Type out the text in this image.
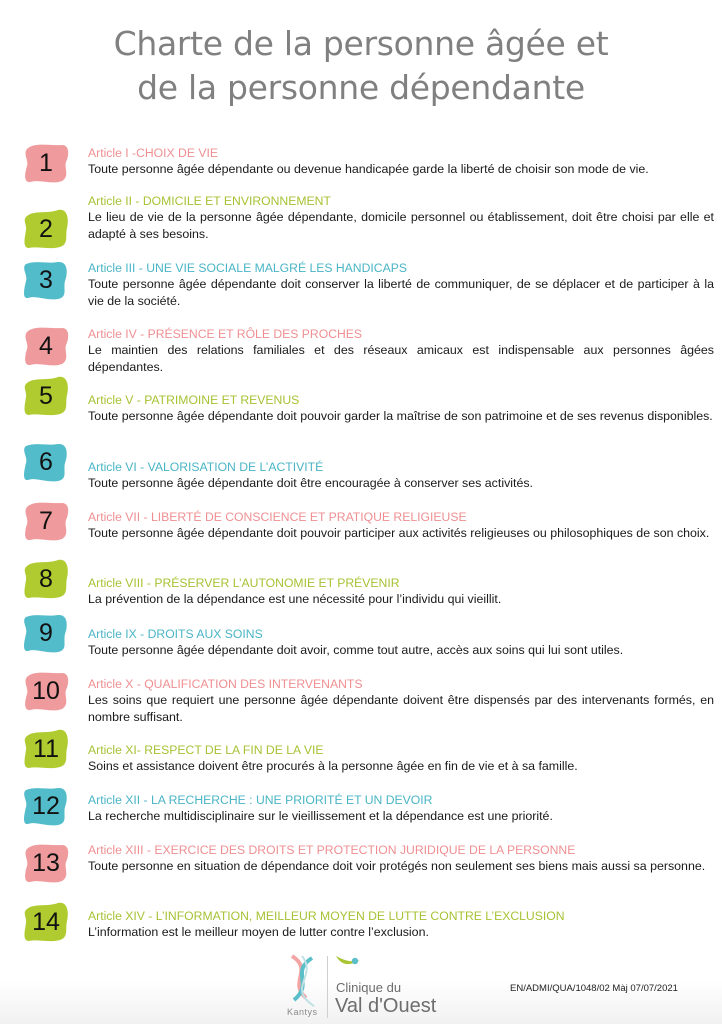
Charte de la personne âgée et
de la personne dépendante
1	Article I -CHOIX DE VIE
Toute personne âgée dépendante ou devenue handicapée garde la liberté de choisir son mode de vie.
2
Article II - DOMICILE ET ENVIRONNEMENT
Le lieu de vie de la personne âgée dépendante, domicile personnel ou établissement, doit être choisi par elle et adapté à ses besoins.
3	Article III - UNE VIE SOCIALE MALGRÉ LES HANDICAPS
Toute personne âgée dépendante doit conserver la liberté de communiquer, de se déplacer et de participer à la vie de la société.
4	Article IV - PRÉSENCE ET RÔLE DES PROCHES
Le maintien des relations familiales et des réseaux amicaux est indispensable aux personnes âgées dépendantes.
5	Article V - PATRIMOINE ET REVENUS
Toute personne âgée dépendante doit pouvoir garder la maîtrise de son patrimoine et de ses revenus disponibles.
6	Article VI - VALORISATION DE L’ACTIVITÉ
Toute personne âgée dépendante doit être encouragée à conserver ses activités.
7	Article VII - LIBERTÉ DE CONSCIENCE ET PRATIQUE RELIGIEUSE
Toute personne âgée dépendante doit pouvoir participer aux activités religieuses ou philosophiques de son choix.
8	Article VIII - PRÉSERVER L’AUTONOMIE ET PRÉVENIR
La prévention de la dépendance est une nécessité pour l’individu qui vieillit.
9	Article IX - DROITS AUX SOINS
Toute personne âgée dépendante doit avoir, comme tout autre, accès aux soins qui lui sont utiles.
10 Article X - QUALIFICATION DES INTERVENANTS
Les soins que requiert une personne âgée dépendante doivent être dispensés par des intervenants formés, en nombre suffisant.
11 Article XI- RESPECT DE LA FIN DE LA VIE
Soins et assistance doivent être procurés à la personne âgée en fin de vie et à sa famille.
12 Article XII - LA RECHERCHE : UNE PRIORITÉ ET UN DEVOIR
La recherche multidisciplinaire sur le vieillissement et la dépendance est une priorité.
13 Article XIII - EXERCICE DES DROITS ET PROTECTION JURIDIQUE DE LA PERSONNE
Toute personne en situation de dépendance doit voir protégés non seulement ses biens mais aussi sa personne.
14 Article XIV - L’INFORMATION, MEILLEUR MOYEN DE LUTTE CONTRE L’EXCLUSION
L’information est le meilleur moyen de lutter contre l’exclusion.
Kantys
Clinique du
Val d'Ouest
EN/ADMI/QUA/1048/02 Màj 07/07/2021
